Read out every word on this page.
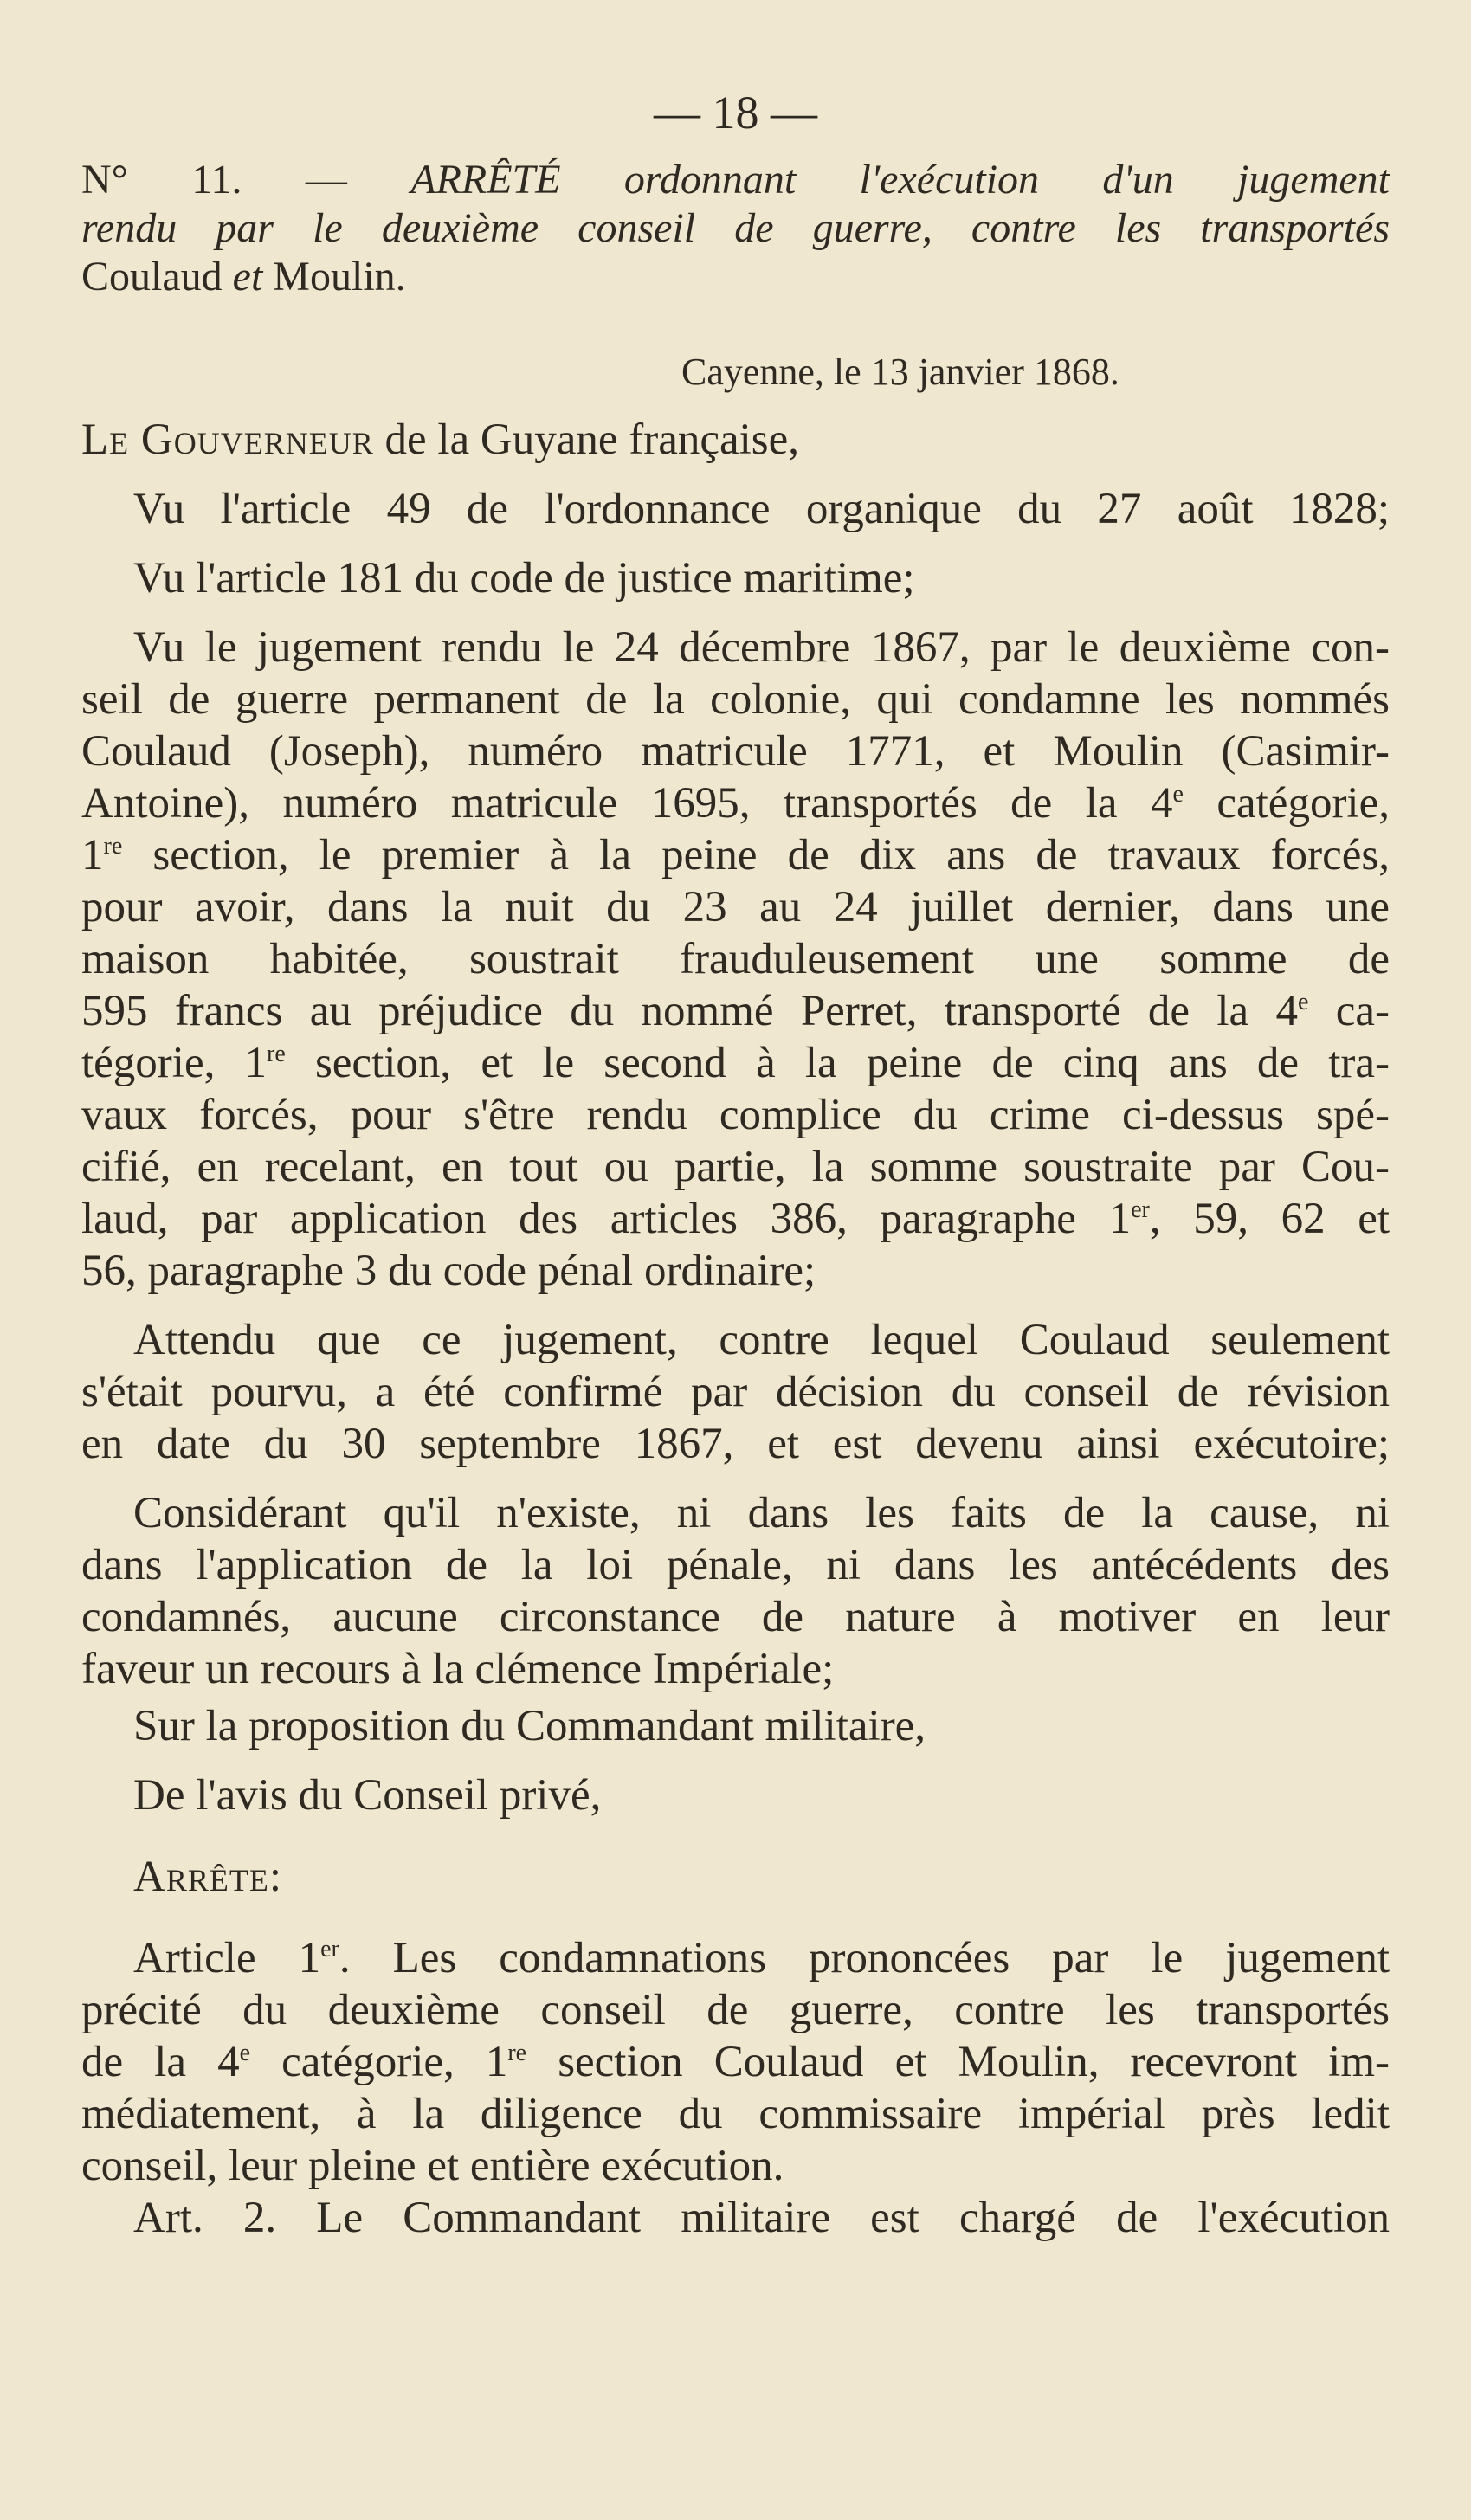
— 18 —
N° 11. — ARRÊTÉ ordonnant l'exécution d'un jugement
rendu par le deuxième conseil de guerre, contre les transportés
Coulaud et Moulin.
Cayenne, le 13 janvier 1868.
Le Gouverneur de la Guyane française,
Vu l'article 49 de l'ordonnance organique du 27 août 1828;
Vu l'article 181 du code de justice maritime;
Vu le jugement rendu le 24 décembre 1867, par le deuxième con-
seil de guerre permanent de la colonie, qui condamne les nommés
Coulaud (Joseph), numéro matricule 1771, et Moulin (Casimir-
Antoine), numéro matricule 1695, transportés de la 4e catégorie,
1re section, le premier à la peine de dix ans de travaux forcés,
pour avoir, dans la nuit du 23 au 24 juillet dernier, dans une
maison habitée, soustrait frauduleusement une somme de
595 francs au préjudice du nommé Perret, transporté de la 4e ca-
tégorie, 1re section, et le second à la peine de cinq ans de tra-
vaux forcés, pour s'être rendu complice du crime ci-dessus spé-
cifié, en recelant, en tout ou partie, la somme soustraite par Cou-
laud, par application des articles 386, paragraphe 1er, 59, 62 et
56, paragraphe 3 du code pénal ordinaire;
Attendu que ce jugement, contre lequel Coulaud seulement
s'était pourvu, a été confirmé par décision du conseil de révision
en date du 30 septembre 1867, et est devenu ainsi exécutoire;
Considérant qu'il n'existe, ni dans les faits de la cause, ni
dans l'application de la loi pénale, ni dans les antécédents des
condamnés, aucune circonstance de nature à motiver en leur
faveur un recours à la clémence Impériale;
Sur la proposition du Commandant militaire,
De l'avis du Conseil privé,
Arrête:
Article 1er. Les condamnations prononcées par le jugement
précité du deuxième conseil de guerre, contre les transportés
de la 4e catégorie, 1re section Coulaud et Moulin, recevront im-
médiatement, à la diligence du commissaire impérial près ledit
conseil, leur pleine et entière exécution.
Art. 2. Le Commandant militaire est chargé de l'exécution
